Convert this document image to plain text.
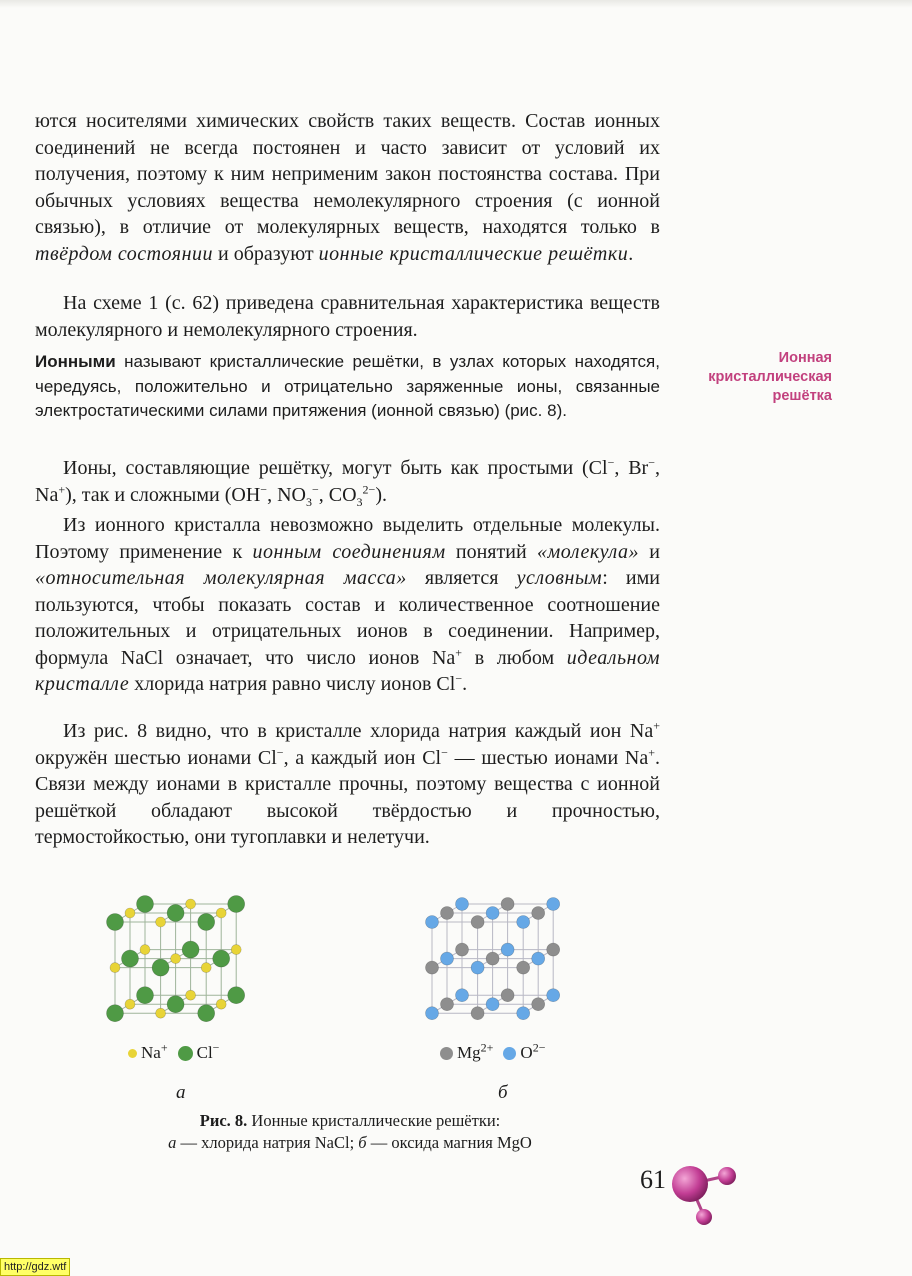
ются носителями химических свойств таких веществ. Состав ионных соединений не всегда постоянен и часто зависит от условий их получения, поэтому к ним неприменим закон постоянства состава. При обычных условиях вещества немолекулярного строения (с ионной связью), в отличие от молекулярных веществ, находятся только в твёрдом состоянии и образуют ионные кристаллические решётки.

На схеме 1 (с. 62) приведена сравнительная характеристика веществ молекулярного и немолекулярного строения.

Ионными называют кристаллические решётки, в узлах которых находятся, чередуясь, положительно и отрицательно заряженные ионы, связанные электростатическими силами притяжения (ионной связью) (рис. 8).

Ионная
кристаллическая
решётка

Ионы, составляющие решётку, могут быть как простыми (Cl−, Br−, Na+), так и сложными (OH−, $NO_3^-$, $CO_3^{2-}$).

Из ионного кристалла невозможно выделить отдельные молекулы. Поэтому применение к ионным соединениям понятий «молекула» и «относительная молекулярная масса» является условным: ими пользуются, чтобы показать состав и количественное соотношение положительных и отрицательных ионов в соединении. Например, формула NaCl означает, что число ионов Na+ в любом идеальном кристалле хлорида натрия равно числу ионов Cl−.

Из рис. 8 видно, что в кристалле хлорида натрия каждый ион Na+ окружён шестью ионами Cl−, а каждый ион Cl− — шестью ионами Na+. Связи между ионами в кристалле прочны, поэтому вещества с ионной решёткой обладают высокой твёрдостью и прочностью, термостойкостью, они тугоплавки и нелетучи.

Na+ Cl−	$Mg^{2+}$ $O^{2-}$
а	б
Рис. 8. Ионные кристаллические решётки:
а — хлорида натрия NaCl; б — оксида магния MgO
61
http://gdz.wtf
